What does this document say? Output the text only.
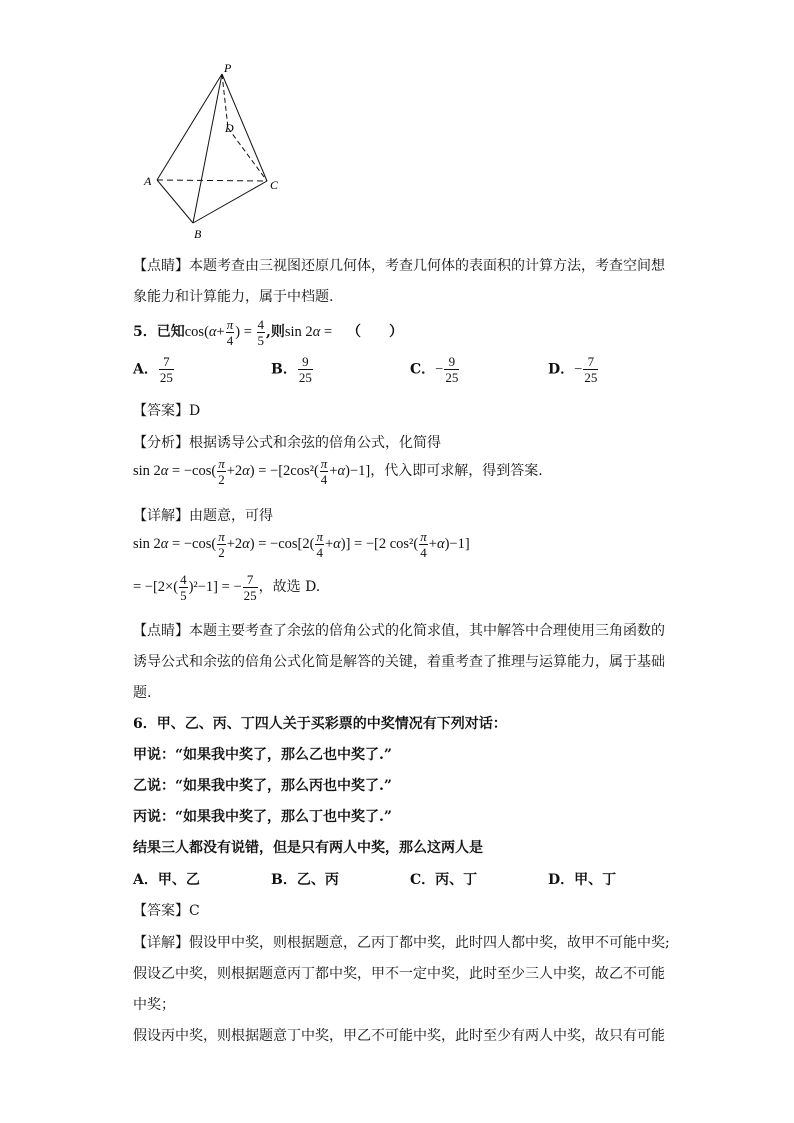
P
D
A	C
B
【点睛】本题考查由三视图还原几何体，考查几何体的表面积的计算方法，考查空间想
象能力和计算能力，属于中档题.
5．已知$\cos(\alpha+ \frac{\pi}{4}$ ) = $\frac{4}{5}$ ,则sin 2α = （　　）
A． $\frac{7}{25}$	B． $\frac{9}{25}$	C．− $\frac{9}{25}$	D．− $\frac{7}{25}$
【答案】D
【分析】根据诱导公式和余弦的倍角公式，化简得
$\sin 2\alpha = -\cos( \frac{\pi}{2} +2\alpha) = -[2\cos^2( \frac{\pi}{4} +\alpha)-1]$，代入即可求解，得到答案.
【详解】由题意，可得
$\sin 2\alpha = -\cos( \frac{\pi}{2} +2\alpha) = -\cos[2( \frac{\pi}{4} +\alpha)] = -[2$ $\cos^2( \frac{\pi}{4} +\alpha)-1$]
= $-[2\times( \frac{4}{5} )^2-1]$ = − $\frac{7}{25}$ ，故选 D.
【点睛】本题主要考查了余弦的倍角公式的化简求值，其中解答中合理使用三角函数的
诱导公式和余弦的倍角公式化简是解答的关键，着重考查了推理与运算能力，属于基础
题.
6．甲、乙、丙、丁四人关于买彩票的中奖情况有下列对话：
甲说：“如果我中奖了，那么乙也中奖了.”
乙说：“如果我中奖了，那么丙也中奖了.”
丙说：“如果我中奖了，那么丁也中奖了.”
结果三人都没有说错，但是只有两人中奖，那么这两人是
A．甲、乙	B．乙、丙	C．丙、丁	D．甲、丁
【答案】C
【详解】假设甲中奖，则根据题意，乙丙丁都中奖，此时四人都中奖，故甲不可能中奖;
假设乙中奖，则根据题意丙丁都中奖，甲不一定中奖，此时至少三人中奖，故乙不可能
中奖；
假设丙中奖，则根据题意丁中奖，甲乙不可能中奖，此时至少有两人中奖，故只有可能
